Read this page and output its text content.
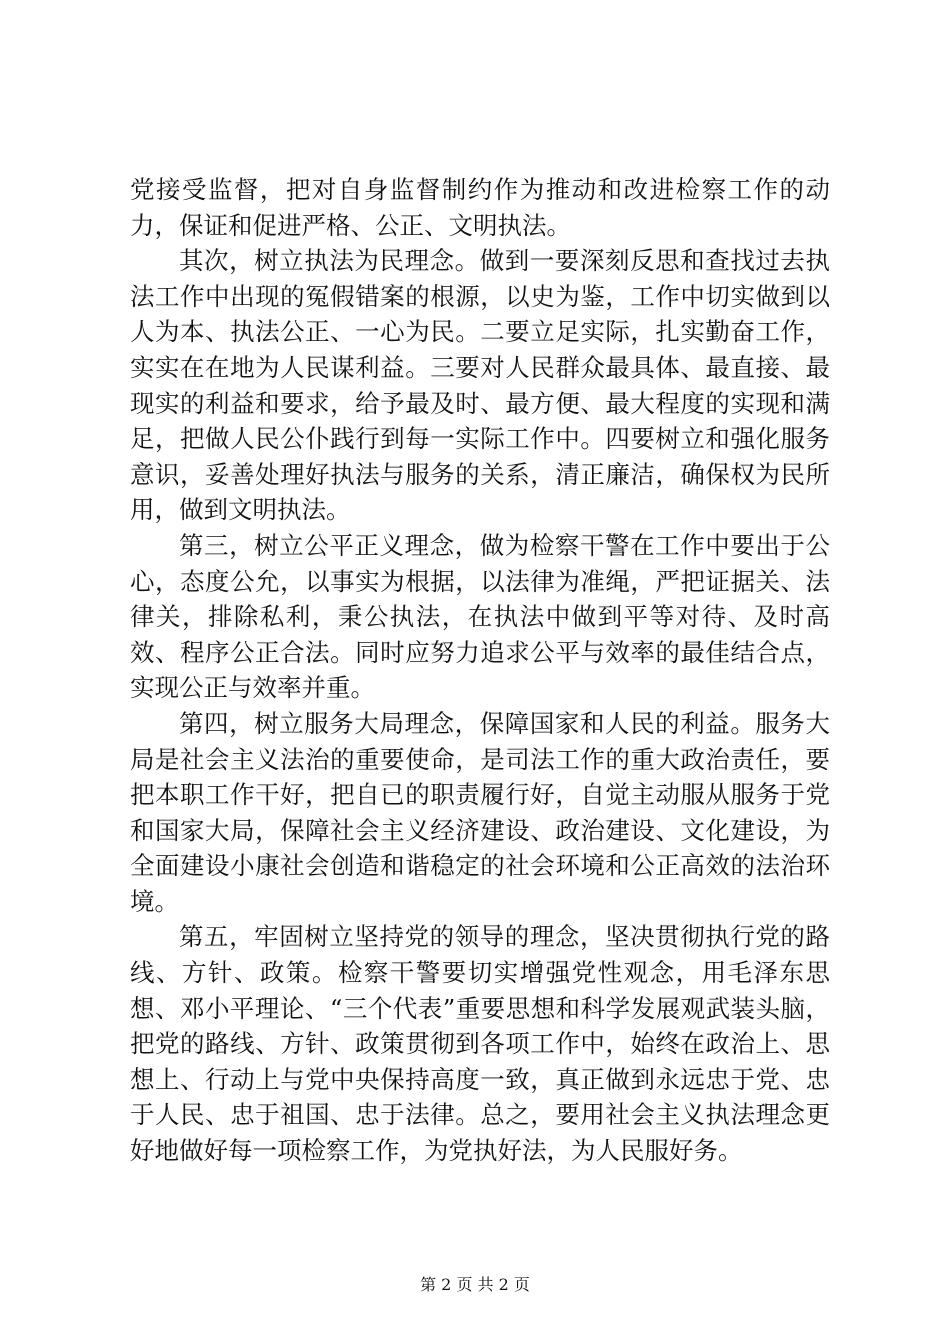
党接受监督，把对自身监督制约作为推动和改进检察工作的动力，保证和促进严格、公正、文明执法。

其次，树立执法为民理念。做到一要深刻反思和查找过去执法工作中出现的冤假错案的根源，以史为鉴，工作中切实做到以人为本、执法公正、一心为民。二要立足实际，扎实勤奋工作，实实在在地为人民谋利益。三要对人民群众最具体、最直接、最现实的利益和要求，给予最及时、最方便、最大程度的实现和满足，把做人民公仆践行到每一实际工作中。四要树立和强化服务意识，妥善处理好执法与服务的关系，清正廉洁，确保权为民所用，做到文明执法。

第三，树立公平正义理念，做为检察干警在工作中要出于公心，态度公允，以事实为根据，以法律为准绳，严把证据关、法律关，排除私利，秉公执法，在执法中做到平等对待、及时高效、程序公正合法。同时应努力追求公平与效率的最佳结合点，实现公正与效率并重。

第四，树立服务大局理念，保障国家和人民的利益。服务大局是社会主义法治的重要使命，是司法工作的重大政治责任，要把本职工作干好，把自已的职责履行好，自觉主动服从服务于党和国家大局，保障社会主义经济建设、政治建设、文化建设，为全面建设小康社会创造和谐稳定的社会环境和公正高效的法治环境。

第五，牢固树立坚持党的领导的理念，坚决贯彻执行党的路线、方针、政策。检察干警要切实增强党性观念，用毛泽东思想、邓小平理论、“三个代表”重要思想和科学发展观武装头脑，把党的路线、方针、政策贯彻到各项工作中，始终在政治上、思想上、行动上与党中央保持高度一致，真正做到永远忠于党、忠于人民、忠于祖国、忠于法律。总之，要用社会主义执法理念更好地做好每一项检察工作，为党执好法，为人民服好务。

第 2 页 共 2 页
